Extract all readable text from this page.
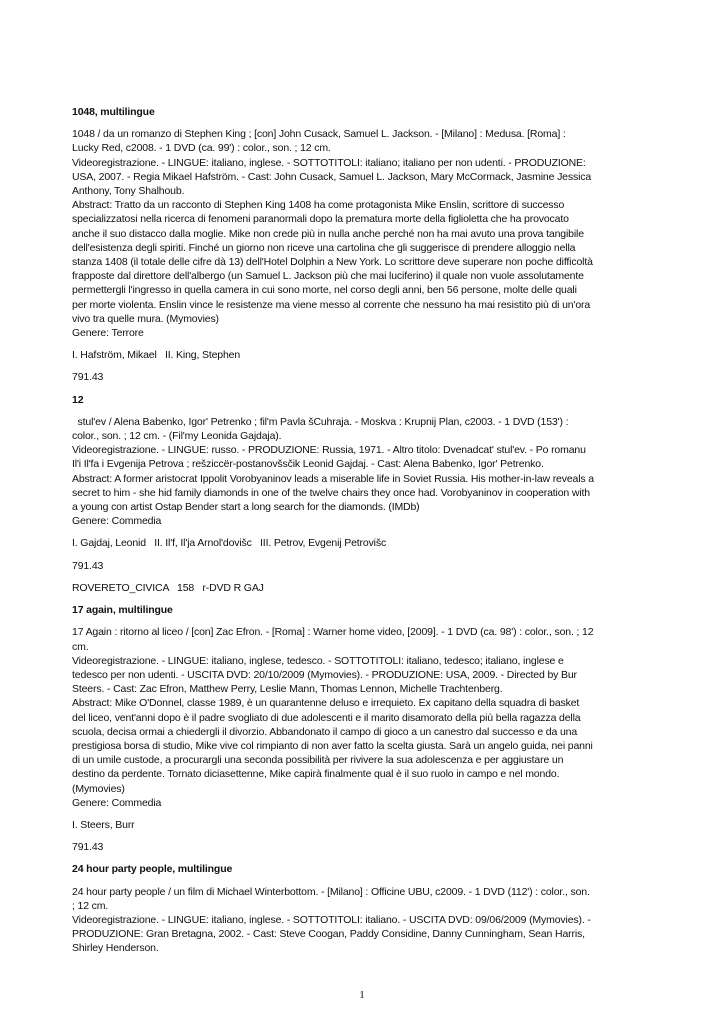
1048, multilingue
1048 / da un romanzo di Stephen King ; [con] John Cusack, Samuel L. Jackson. - [Milano] : Medusa. [Roma] : Lucky Red, c2008. - 1 DVD (ca. 99') : color., son. ; 12 cm.
Videoregistrazione. - LINGUE: italiano, inglese. - SOTTOTITOLI: italiano; italiano per non udenti. - PRODUZIONE: USA, 2007. - Regia Mikael Hafström. - Cast: John Cusack, Samuel L. Jackson, Mary McCormack, Jasmine Jessica Anthony, Tony Shalhoub.
Abstract: Tratto da un racconto di Stephen King 1408 ha come protagonista Mike Enslin, scrittore di successo specializzatosi nella ricerca di fenomeni paranormali dopo la prematura morte della figlioletta che ha provocato anche il suo distacco dalla moglie. Mike non crede più in nulla anche perché non ha mai avuto una prova tangibile dell'esistenza degli spiriti. Finché un giorno non riceve una cartolina che gli suggerisce di prendere alloggio nella stanza 1408 (il totale delle cifre dà 13) dell'Hotel Dolphin a New York. Lo scrittore deve superare non poche difficoltà frapposte dal direttore dell'albergo (un Samuel L. Jackson più che mai luciferino) il quale non vuole assolutamente permettergli l'ingresso in quella camera in cui sono morte, nel corso degli anni, ben 56 persone, molte delle quali per morte violenta. Enslin vince le resistenze ma viene messo al corrente che nessuno ha mai resistito più di un'ora vivo tra quelle mura. (Mymovies)
Genere: Terrore
I. Hafström, Mikael   II. King, Stephen
791.43
12
stul'ev / Alena Babenko, Igor' Petrenko ; fil'm Pavla šCuhraja. - Moskva : Krupnij Plan, c2003. - 1 DVD (153') : color., son. ; 12 cm. - (Fil'my Leonida Gajdaja).
Videoregistrazione. - LINGUE: russo. - PRODUZIONE: Russia, 1971. - Altro titolo: Dvenadcat' stul'ev. - Po romanu Il'i Il'fa i Evgenija Petrova ; rešziccër-postanovšsčik Leonid Gajdaj. - Cast: Alena Babenko, Igor' Petrenko.
Abstract: A former aristocrat Ippolit Vorobyaninov leads a miserable life in Soviet Russia. His mother-in-law reveals a secret to him - she hid family diamonds in one of the twelve chairs they once had. Vorobyaninov in cooperation with a young con artist Ostap Bender start a long search for the diamonds. (IMDb)
Genere: Commedia
I. Gajdaj, Leonid   II. Il'f, Il'ja Arnol'dovišc   III. Petrov, Evgenij Petrovišc
791.43
ROVERETO_CIVICA   158   r-DVD R GAJ
17 again, multilingue
17 Again : ritorno al liceo / [con] Zac Efron. - [Roma] : Warner home video, [2009]. - 1 DVD (ca. 98') : color., son. ; 12 cm.
Videoregistrazione. - LINGUE: italiano, inglese, tedesco. - SOTTOTITOLI: italiano, tedesco; italiano, inglese e tedesco per non udenti. - USCITA DVD: 20/10/2009 (Mymovies). - PRODUZIONE: USA, 2009. - Directed by Bur Steers. - Cast: Zac Efron, Matthew Perry, Leslie Mann, Thomas Lennon, Michelle Trachtenberg.
Abstract: Mike O'Donnel, classe 1989, è un quarantenne deluso e irrequieto. Ex capitano della squadra di basket del liceo, vent'anni dopo è il padre svogliato di due adolescenti e il marito disamorato della più bella ragazza della scuola, decisa ormai a chiedergli il divorzio. Abbandonato il campo di gioco a un canestro dal successo e da una prestigiosa borsa di studio, Mike vive col rimpianto di non aver fatto la scelta giusta. Sarà un angelo guida, nei panni di un umile custode, a procurargli una seconda possibilità per rivivere la sua adolescenza e per aggiustare un destino da perdente. Tornato diciasettenne, Mike capirà finalmente qual è il suo ruolo in campo e nel mondo. (Mymovies)
Genere: Commedia
I. Steers, Burr
791.43
24 hour party people, multilingue
24 hour party people / un film di Michael Winterbottom. - [Milano] : Officine UBU, c2009. - 1 DVD (112') : color., son. ; 12 cm.
Videoregistrazione. - LINGUE: italiano, inglese. - SOTTOTITOLI: italiano. - USCITA DVD: 09/06/2009 (Mymovies). - PRODUZIONE: Gran Bretagna, 2002. - Cast: Steve Coogan, Paddy Considine, Danny Cunningham, Sean Harris, Shirley Henderson.
1
